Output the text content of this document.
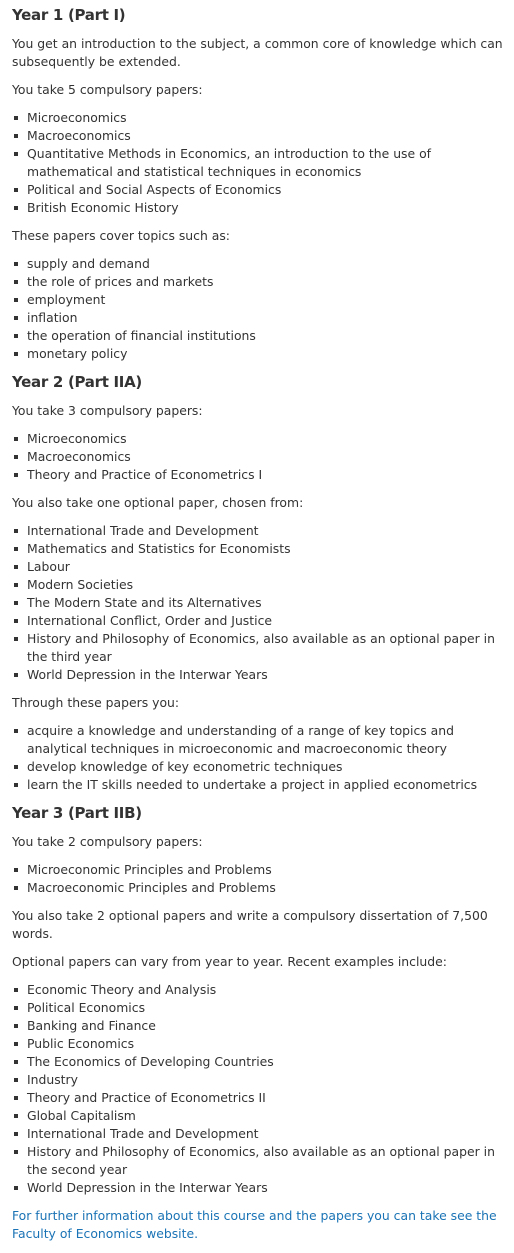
Year 1 (Part I)

You get an introduction to the subject, a common core of knowledge which can subsequently be extended.

You take 5 compulsory papers:

Microeconomics
Macroeconomics
Quantitative Methods in Economics, an introduction to the use of mathematical and statistical techniques in economics
Political and Social Aspects of Economics
British Economic History

These papers cover topics such as:

supply and demand
the role of prices and markets
employment
inflation
the operation of financial institutions
monetary policy
Year 2 (Part IIA)

You take 3 compulsory papers:

Microeconomics
Macroeconomics
Theory and Practice of Econometrics I

You also take one optional paper, chosen from:

International Trade and Development
Mathematics and Statistics for Economists
Labour
Modern Societies
The Modern State and its Alternatives
International Conflict, Order and Justice
History and Philosophy of Economics, also available as an optional paper in the third year
World Depression in the Interwar Years

Through these papers you:

acquire a knowledge and understanding of a range of key topics and analytical techniques in microeconomic and macroeconomic theory
develop knowledge of key econometric techniques
learn the IT skills needed to undertake a project in applied econometrics
Year 3 (Part IIB)

You take 2 compulsory papers:

Microeconomic Principles and Problems
Macroeconomic Principles and Problems

You also take 2 optional papers and write a compulsory dissertation of 7,500 words.

Optional papers can vary from year to year. Recent examples include:

Economic Theory and Analysis
Political Economics
Banking and Finance
Public Economics
The Economics of Developing Countries
Industry
Theory and Practice of Econometrics II
Global Capitalism
International Trade and Development
History and Philosophy of Economics, also available as an optional paper in the second year
World Depression in the Interwar Years

For further information about this course and the papers you can take see the Faculty of Economics website.
